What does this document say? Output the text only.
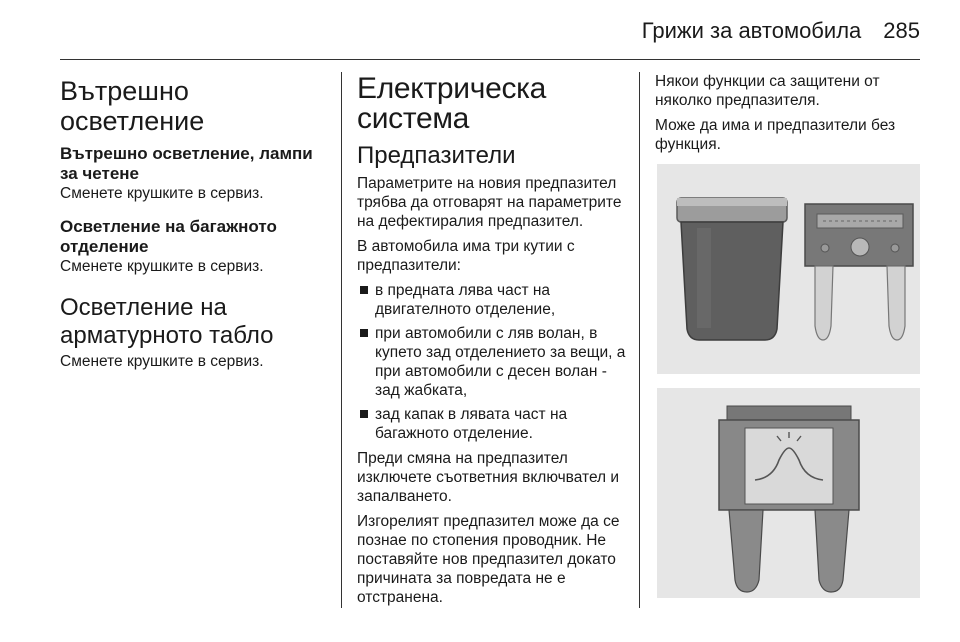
Грижи за автомобила 285
Вътрешно осветление
Вътрешно осветление, лампи за четене

Сменете крушките в сервиз.

Осветление на багажното отделение

Сменете крушките в сервиз.

Осветление на арматурното табло

Сменете крушките в сервиз.

Електрическа система
Предпазители

Параметрите на новия предпазител трябва да отговарят на параметрите на дефектиралия предпазител.

В автомобила има три кутии с предпазители:

в предната лява част на двигателното отделение,
при автомобили с ляв волан, в купето зад отделението за вещи, а при автомобили с десен волан - зад жабката,
зад капак в лявата част на багажното отделение.

Преди смяна на предпазител изключете съответния включвател и запалването.

Изгорелият предпазител може да се познае по стопения проводник. Не поставяйте нов предпазител докато причината за повредата не е отстранена.

Някои функции са защитени от няколко предпазителя.

Може да има и предпазители без функция.
